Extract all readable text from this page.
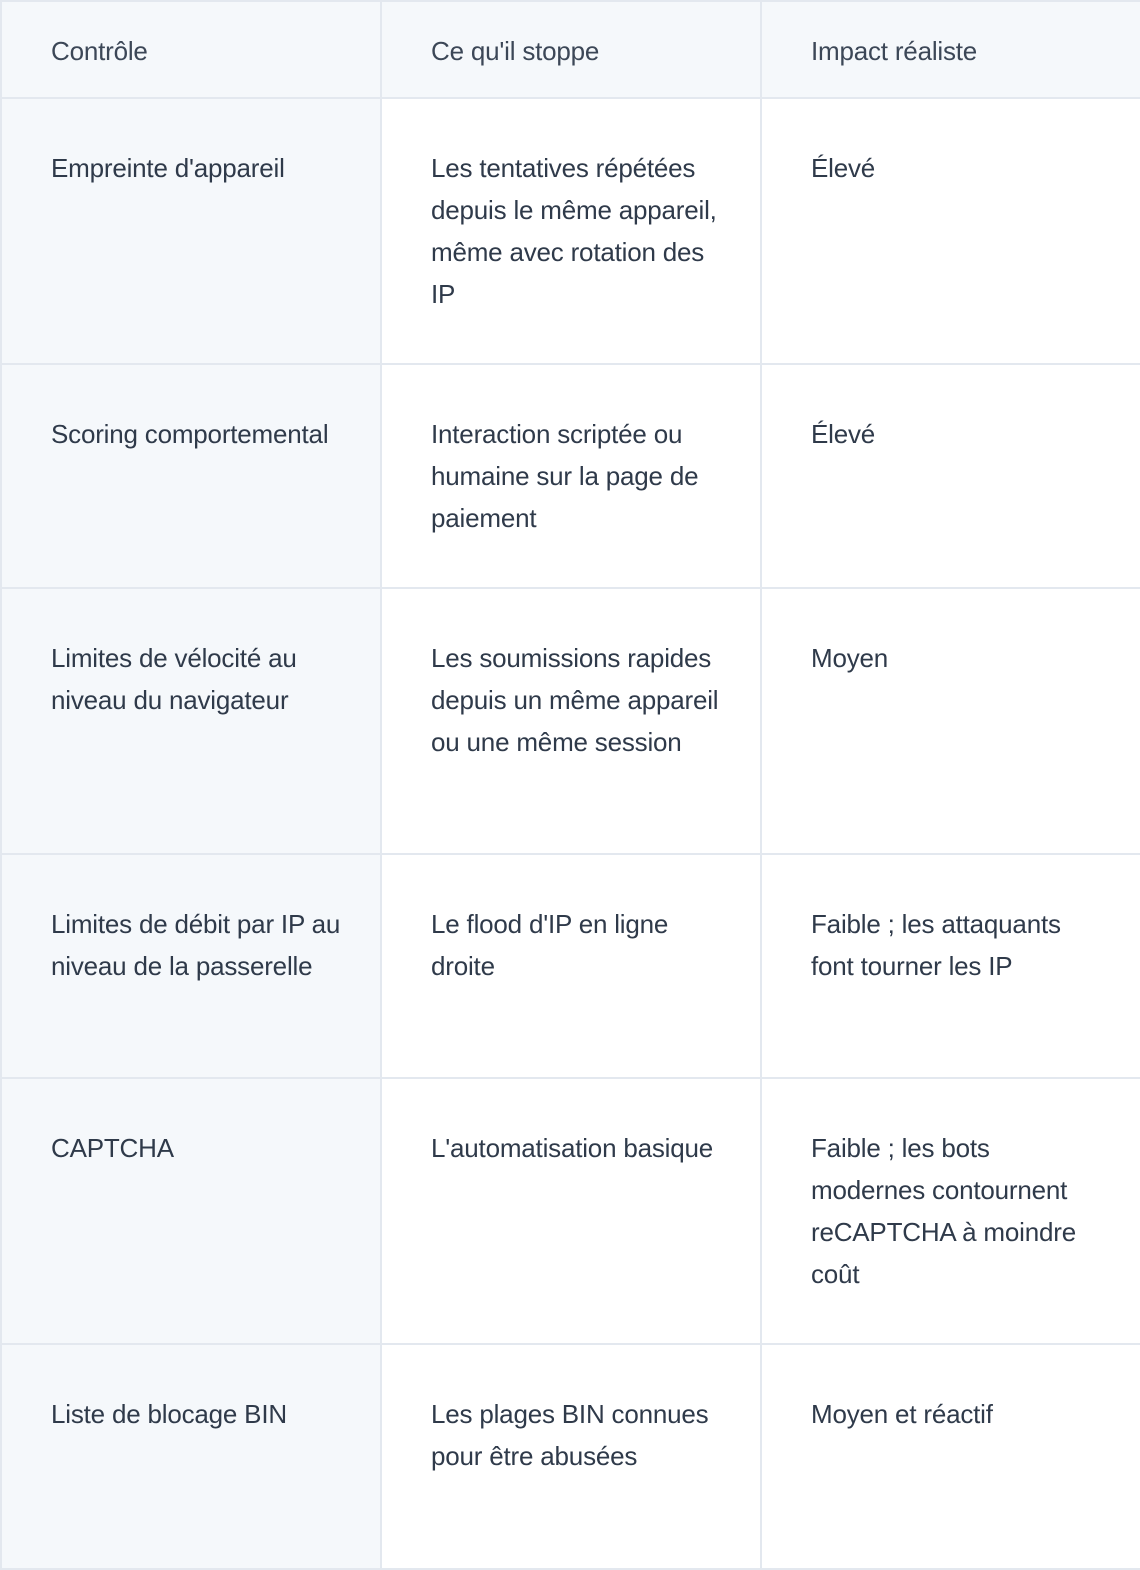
Contrôle	Ce qu'il stoppe	Impact réaliste
Empreinte d'appareil	Les tentatives répétées depuis le même appareil, même avec rotation des IP	Élevé
Scoring comportemental	Interaction scriptée ou humaine sur la page de paiement	Élevé
Limites de vélocité au niveau du navigateur	Les soumissions rapides depuis un même appareil ou une même session	Moyen
Limites de débit par IP au niveau de la passerelle	Le flood d'IP en ligne droite	Faible ; les attaquants font tourner les IP
CAPTCHA	L'automatisation basique	Faible ; les bots modernes contournent reCAPTCHA à moindre coût
Liste de blocage BIN	Les plages BIN connues pour être abusées	Moyen et réactif
